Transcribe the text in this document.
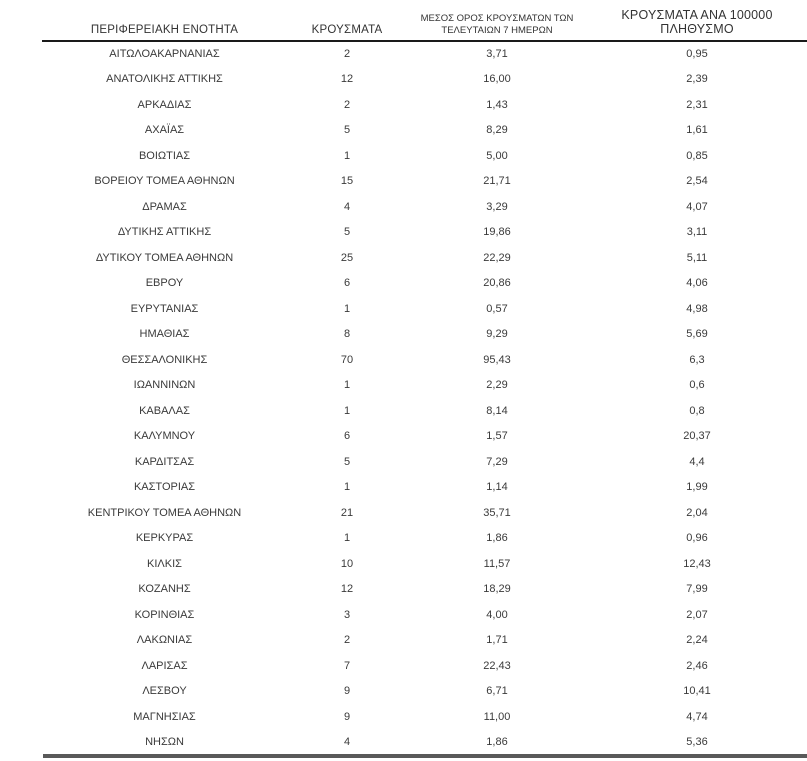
ΠΕΡΙΦΕΡΕΙΑΚΗ ΕΝΟΤΗΤΑ	ΚΡΟΥΣΜΑΤΑ	ΜΕΣΟΣ ΟΡΟΣ ΚΡΟΥΣΜΑΤΩΝ ΤΩΝ
ΤΕΛΕΥΤΑΙΩΝ 7 ΗΜΕΡΩΝ	ΚΡΟΥΣΜΑΤΑ ΑΝΑ 100000 ΠΛΗΘΥΣΜΟ
ΑΙΤΩΛΟΑΚΑΡΝΑΝΙΑΣ	2	3,71	0,95
ΑΝΑΤΟΛΙΚΗΣ ΑΤΤΙΚΗΣ	12	16,00	2,39
ΑΡΚΑΔΙΑΣ	2	1,43	2,31
ΑΧΑΪΑΣ	5	8,29	1,61
ΒΟΙΩΤΙΑΣ	1	5,00	0,85
ΒΟΡΕΙΟΥ ΤΟΜΕΑ ΑΘΗΝΩΝ	15	21,71	2,54
ΔΡΑΜΑΣ	4	3,29	4,07
ΔΥΤΙΚΗΣ ΑΤΤΙΚΗΣ	5	19,86	3,11
ΔΥΤΙΚΟΥ ΤΟΜΕΑ ΑΘΗΝΩΝ	25	22,29	5,11
ΕΒΡΟΥ	6	20,86	4,06
ΕΥΡΥΤΑΝΙΑΣ	1	0,57	4,98
ΗΜΑΘΙΑΣ	8	9,29	5,69
ΘΕΣΣΑΛΟΝΙΚΗΣ	70	95,43	6,3
ΙΩΑΝΝΙΝΩΝ	1	2,29	0,6
ΚΑΒΑΛΑΣ	1	8,14	0,8
ΚΑΛΥΜΝΟΥ	6	1,57	20,37
ΚΑΡΔΙΤΣΑΣ	5	7,29	4,4
ΚΑΣΤΟΡΙΑΣ	1	1,14	1,99
ΚΕΝΤΡΙΚΟΥ ΤΟΜΕΑ ΑΘΗΝΩΝ	21	35,71	2,04
ΚΕΡΚΥΡΑΣ	1	1,86	0,96
ΚΙΛΚΙΣ	10	11,57	12,43
ΚΟΖΑΝΗΣ	12	18,29	7,99
ΚΟΡΙΝΘΙΑΣ	3	4,00	2,07
ΛΑΚΩΝΙΑΣ	2	1,71	2,24
ΛΑΡΙΣΑΣ	7	22,43	2,46
ΛΕΣΒΟΥ	9	6,71	10,41
ΜΑΓΝΗΣΙΑΣ	9	11,00	4,74
ΝΗΣΩΝ	4	1,86	5,36
